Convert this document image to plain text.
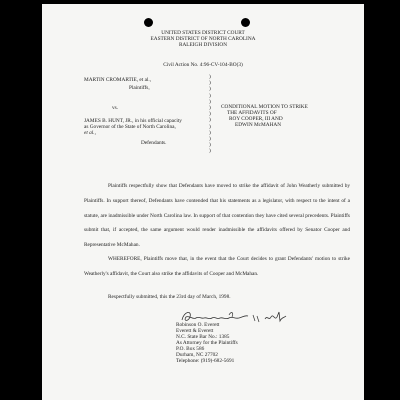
UNITED STATES DISTRICT COURT
EASTERN DISTRICT OF NORTH CAROLINA
RALEIGH DIVISION
Civil Action No. 4:96-CV-104-BO(3)
MARTIN CROMARTIE, et al.,
Plaintiffs,
vs.
JAMES B. HUNT, JR., in his official capacity
as Governor of the State of North Carolina,
et al.,
Defendants.
)
)
)
)
)
)
)
)
)
)
)
)
)
CONDITIONAL MOTION TO STRIKE
THE AFFIDAVITS OF
ROY COOPER, III AND
EDWIN McMAHAN
Plaintiffs respectfully show that Defendants have moved to strike the affidavit of John Weatherly submitted by Plaintiffs. In support thereof, Defendants have contended that his statements as a legislator, with respect to the intent of a statute, are inadmissible under North Carolina law. In support of that contention they have cited several precedents. Plaintiffs submit that, if accepted, the same argument would render inadmissible the affidavits offered by Senator Cooper and Representative McMahan.
WHEREFORE, Plaintiffs move that, in the event that the Court decides to grant Defendants' motion to strike Weatherly's affidavit, the Court also strike the affidavits of Cooper and McMahan.
Respectfully submitted, this the 23rd day of March, 1998.
Robinson O. Everett
Everett & Everett
N.C. State Bar No.: 1385
As Attorney for the Plaintiffs
P.O. Box 586
Durham, NC 27702
Telephone: (919)-682-5691
